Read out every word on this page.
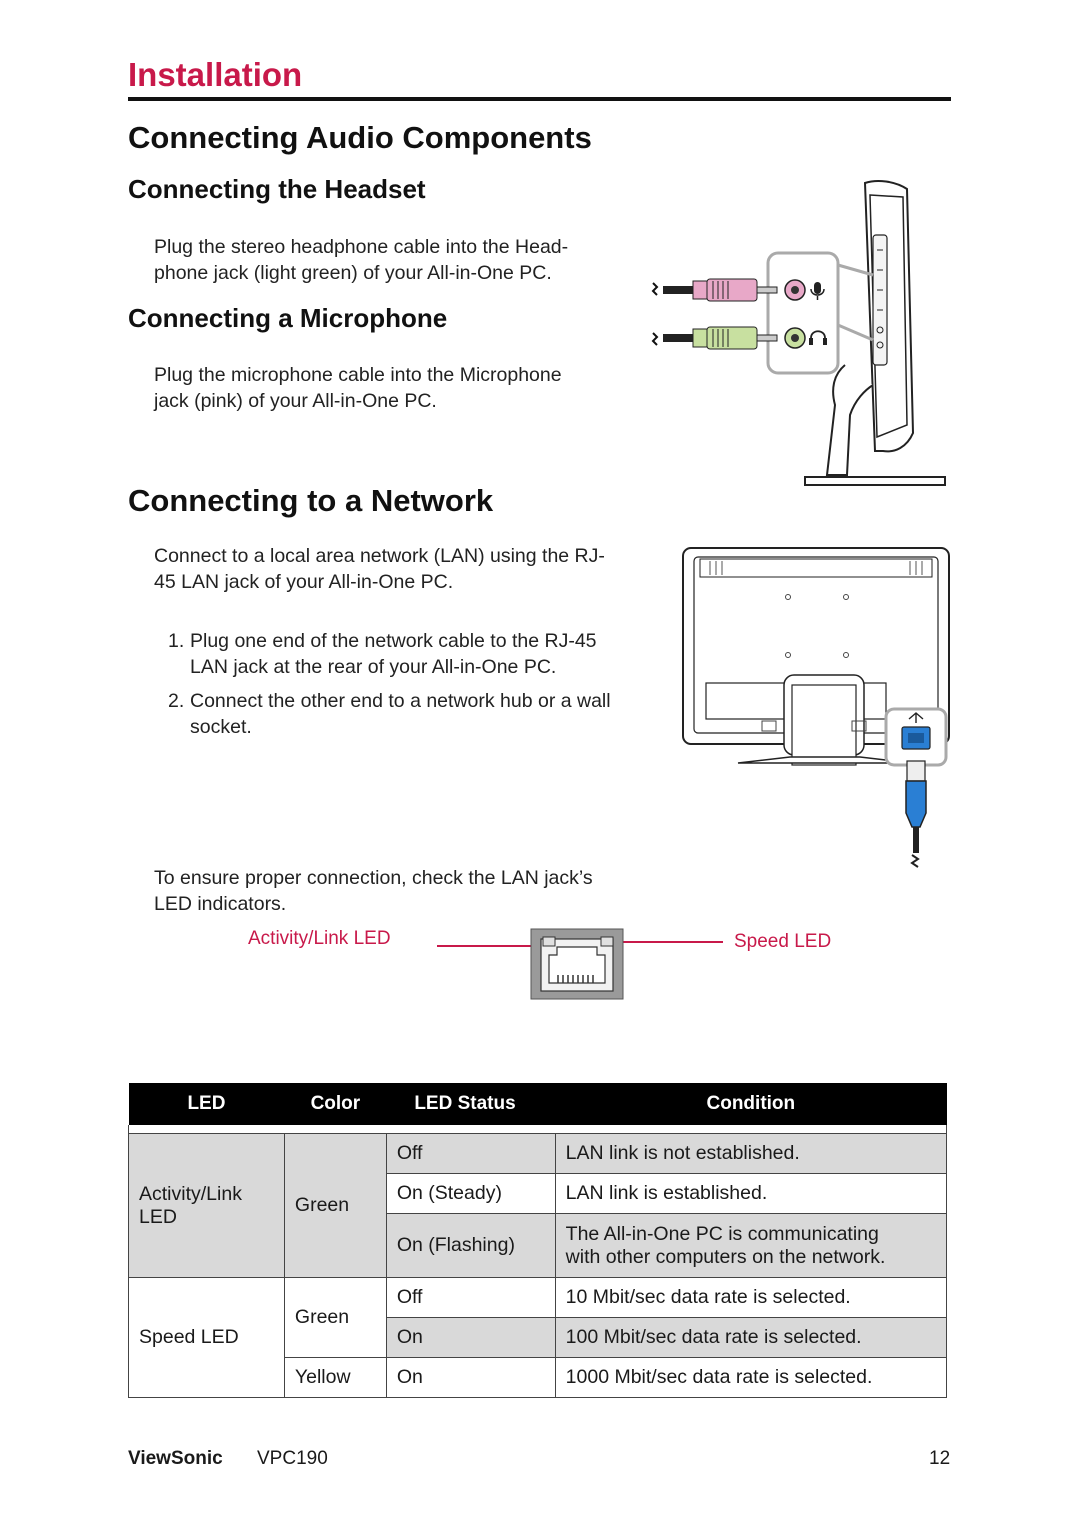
Installation
Connecting Audio Components
Connecting the Headset
Plug the stereo headphone cable into the Head-
phone jack (light green) of your All-in-One PC.
Connecting a Microphone
Plug the microphone cable into the Microphone
jack (pink) of your All-in-One PC.
Connecting to a Network
Connect to a local area network (LAN) using the RJ-
45 LAN jack of your All-in-One PC.
1. Plug one end of the network cable to the RJ-45
LAN jack at the rear of your All-in-One PC.
2. Connect the other end to a network hub or a wall
socket.
To ensure proper connection, check the LAN jack’s
LED indicators.
Activity/Link LED	Speed LED
LED	Color	LED Status	Condition

Activity/Link
LED	Green	Off	LAN link is not established.
		On (Steady)	LAN link is established.
		On (Flashing)	The All-in-One PC is communicating
with other computers on the network.

Speed LED	Green	Off	10 Mbit/sec data rate is selected.
		On	100 Mbit/sec data rate is selected.
	Yellow	On	1000 Mbit/sec data rate is selected.
ViewSonic VPC190	12
